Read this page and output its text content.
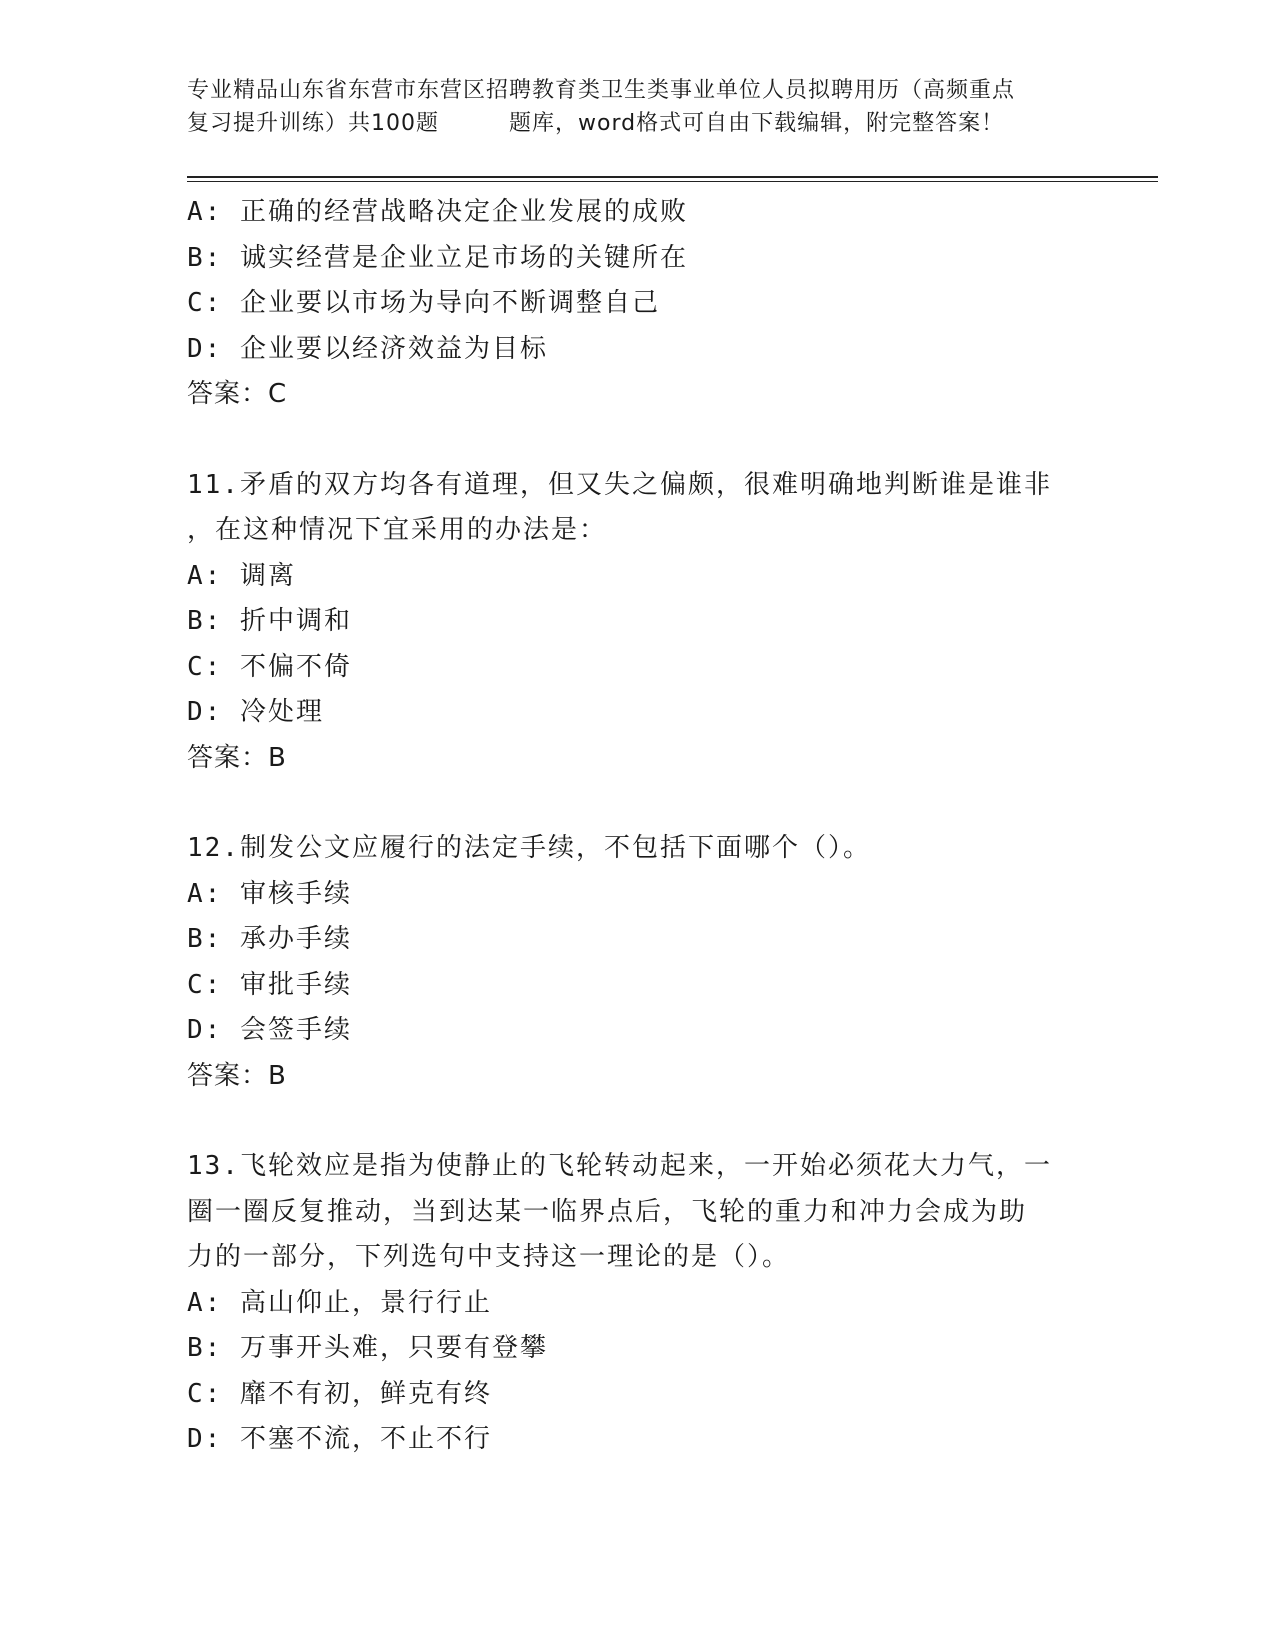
专业精品山东省东营市东营区招聘教育类卫生类事业单位人员拟聘用历（高频重点
复习提升训练）共100题	题库，word格式可自由下载编辑，附完整答案！
A: 正确的经营战略决定企业发展的成败
B: 诚实经营是企业立足市场的关键所在
C: 企业要以市场为导向不断调整自己
D: 企业要以经济效益为目标
答案：C
11.矛盾的双方均各有道理，但又失之偏颇，很难明确地判断谁是谁非
，在这种情况下宜采用的办法是：
A: 调离
B: 折中调和
C: 不偏不倚
D: 冷处理
答案：B
12.制发公文应履行的法定手续，不包括下面哪个（）。
A: 审核手续
B: 承办手续
C: 审批手续
D: 会签手续
答案：B
13.飞轮效应是指为使静止的飞轮转动起来，一开始必须花大力气，一
圈一圈反复推动，当到达某一临界点后，飞轮的重力和冲力会成为助
力的一部分，下列选句中支持这一理论的是（）。
A: 高山仰止，景行行止
B: 万事开头难，只要有登攀
C: 靡不有初，鲜克有终
D: 不塞不流，不止不行
